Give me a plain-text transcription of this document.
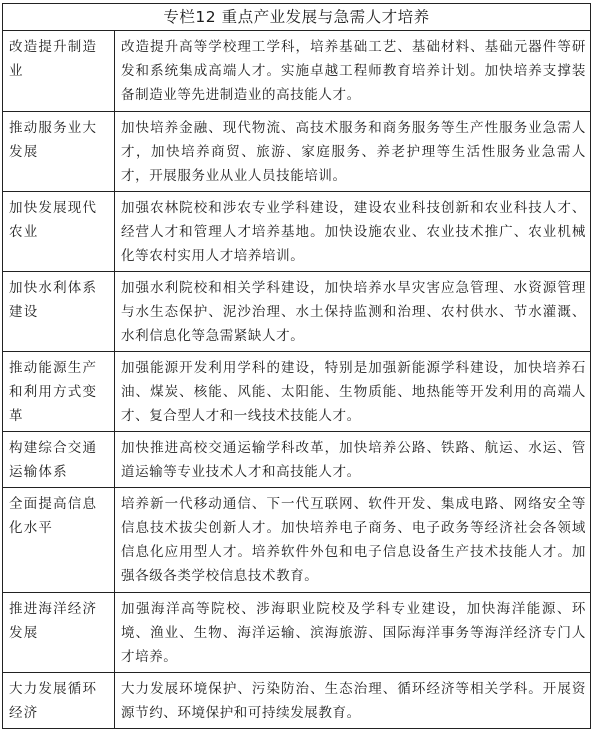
专栏12 重点产业发展与急需人才培养	
改造提升制造业	改造提升高等学校理工学科，培养基础工艺、基础材料、基础元器件等研发和系统集成高端人才。实施卓越工程师教育培养计划。加快培养支撑装备制造业等先进制造业的高技能人才。
推动服务业大发展	加快培养金融、现代物流、高技术服务和商务服务等生产性服务业急需人才，加快培养商贸、旅游、家庭服务、养老护理等生活性服务业急需人才，开展服务业从业人员技能培训。
加快发展现代农业	加强农林院校和涉农专业学科建设，建设农业科技创新和农业科技人才、经营人才和管理人才培养基地。加快设施农业、农业技术推广、农业机械化等农村实用人才培养培训。
加快水利体系建设	加强水利院校和相关学科建设，加快培养水旱灾害应急管理、水资源管理与水生态保护、泥沙治理、水土保持监测和治理、农村供水、节水灌溉、水利信息化等急需紧缺人才。
推动能源生产和利用方式变革	加强能源开发利用学科的建设，特别是加强新能源学科建设，加快培养石油、煤炭、核能、风能、太阳能、生物质能、地热能等开发利用的高端人才、复合型人才和一线技术技能人才。
构建综合交通运输体系	加快推进高校交通运输学科改革，加快培养公路、铁路、航运、水运、管道运输等专业技术人才和高技能人才。
全面提高信息化水平	培养新一代移动通信、下一代互联网、软件开发、集成电路、网络安全等信息技术拔尖创新人才。加快培养电子商务、电子政务等经济社会各领域信息化应用型人才。培养软件外包和电子信息设备生产技术技能人才。加强各级各类学校信息技术教育。
推进海洋经济发展	加强海洋高等院校、涉海职业院校及学科专业建设，加快海洋能源、环境、渔业、生物、海洋运输、滨海旅游、国际海洋事务等海洋经济专门人才培养。
大力发展循环经济	大力发展环境保护、污染防治、生态治理、循环经济等相关学科。开展资源节约、环境保护和可持续发展教育。
